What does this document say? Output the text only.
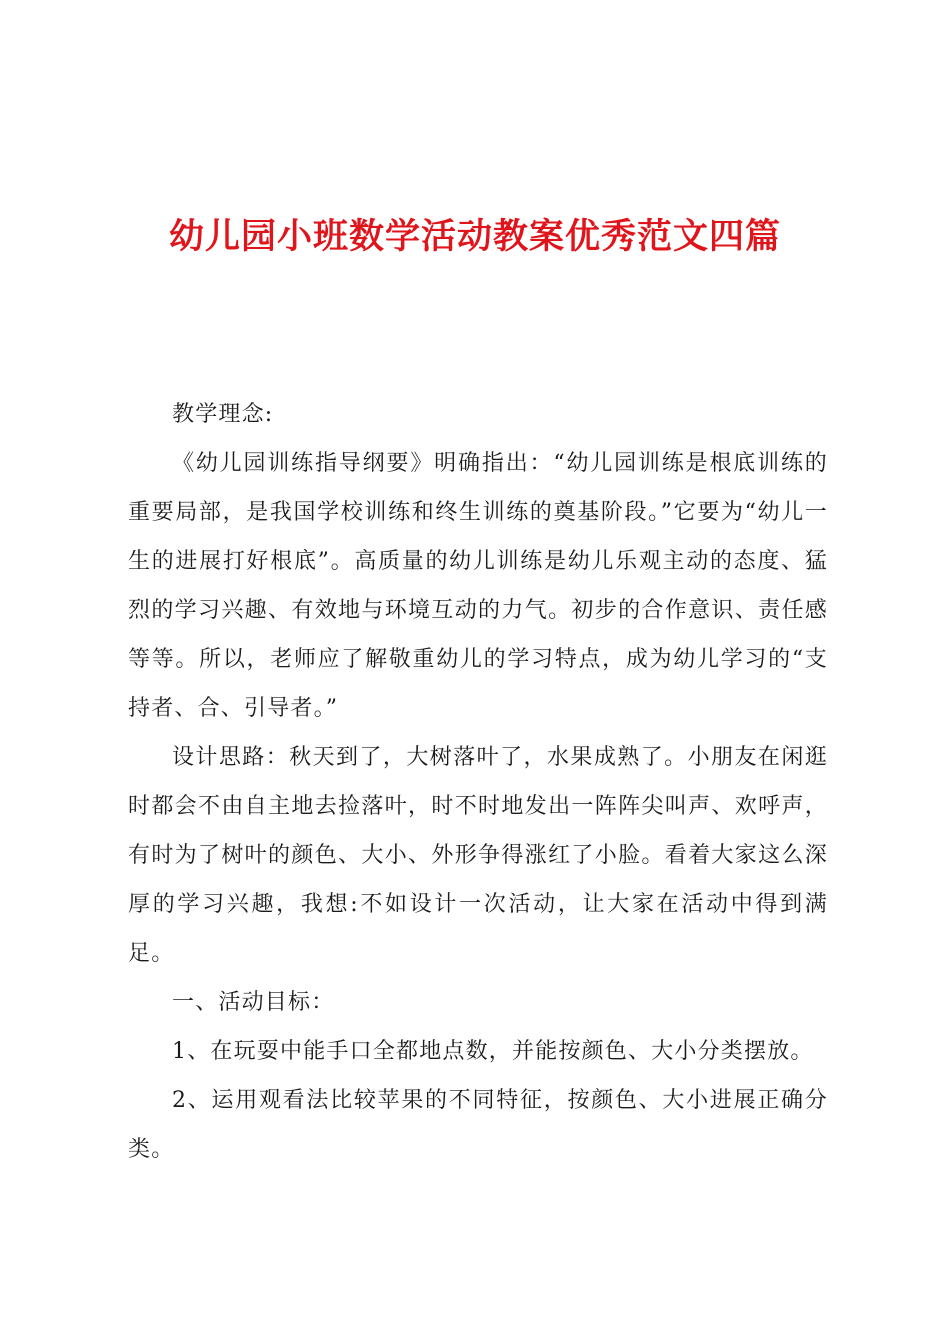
幼儿园小班数学活动教案优秀范文四篇

教学理念:

《幼儿园训练指导纲要》明确指出：“幼儿园训练是根底训练的重要局部，是我国学校训练和终生训练的奠基阶段。”它要为“幼儿一生的进展打好根底”。高质量的幼儿训练是幼儿乐观主动的态度、猛烈的学习兴趣、有效地与环境互动的力气。初步的合作意识、责任感等等。所以，老师应了解敬重幼儿的学习特点，成为幼儿学习的“支持者、合、引导者。”

设计思路：秋天到了，大树落叶了，水果成熟了。小朋友在闲逛时都会不由自主地去捡落叶，时不时地发出一阵阵尖叫声、欢呼声，有时为了树叶的颜色、大小、外形争得涨红了小脸。看着大家这么深厚的学习兴趣，我想:不如设计一次活动，让大家在活动中得到满足。

一、活动目标：

1、在玩耍中能手口全都地点数，并能按颜色、大小分类摆放。

2、运用观看法比较苹果的不同特征，按颜色、大小进展正确分类。
